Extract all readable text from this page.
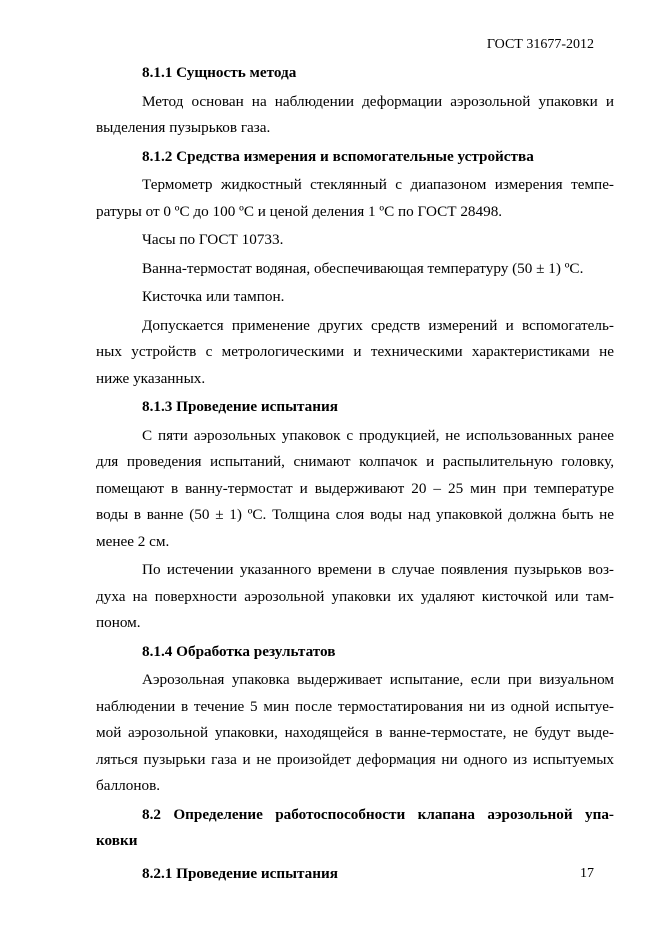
ГОСТ 31677-2012

8.1.1 Сущность метода

Метод основан на наблюдении деформации аэрозольной упаковки и

выделения пузырьков газа.

8.1.2 Средства измерения и вспомогательные устройства

Термометр жидкостный стеклянный с диапазоном измерения темпе-

ратуры от 0 ºС до 100 ºС и ценой деления 1 ºС по ГОСТ 28498.

Часы по ГОСТ 10733.

Ванна-термостат водяная, обеспечивающая температуру (50 ± 1) ºС.

Кисточка или тампон.

Допускается применение других средств измерений и вспомогатель-

ных устройств с метрологическими и техническими характеристиками не

ниже указанных.

8.1.3 Проведение испытания

С пяти аэрозольных упаковок с продукцией, не использованных ранее

для проведения испытаний, снимают колпачок и распылительную головку,

помещают в ванну-термостат и выдерживают 20 – 25 мин при температуре

воды в ванне (50 ± 1) ºС. Толщина слоя воды над упаковкой должна быть не

менее 2 см.

По истечении указанного времени в случае появления пузырьков воз-

духа на поверхности аэрозольной упаковки их удаляют кисточкой или там-

поном.

8.1.4 Обработка результатов

Аэрозольная упаковка выдерживает испытание, если при визуальном

наблюдении в течение 5 мин после термостатирования ни из одной испытуе-

мой аэрозольной упаковки, находящейся в ванне-термостате, не будут выде-

ляться пузырьки газа и не произойдет деформация ни одного из испытуемых

баллонов.

8.2 Определение работоспособности клапана аэрозольной упа-

ковки

8.2.1 Проведение испытания	17
